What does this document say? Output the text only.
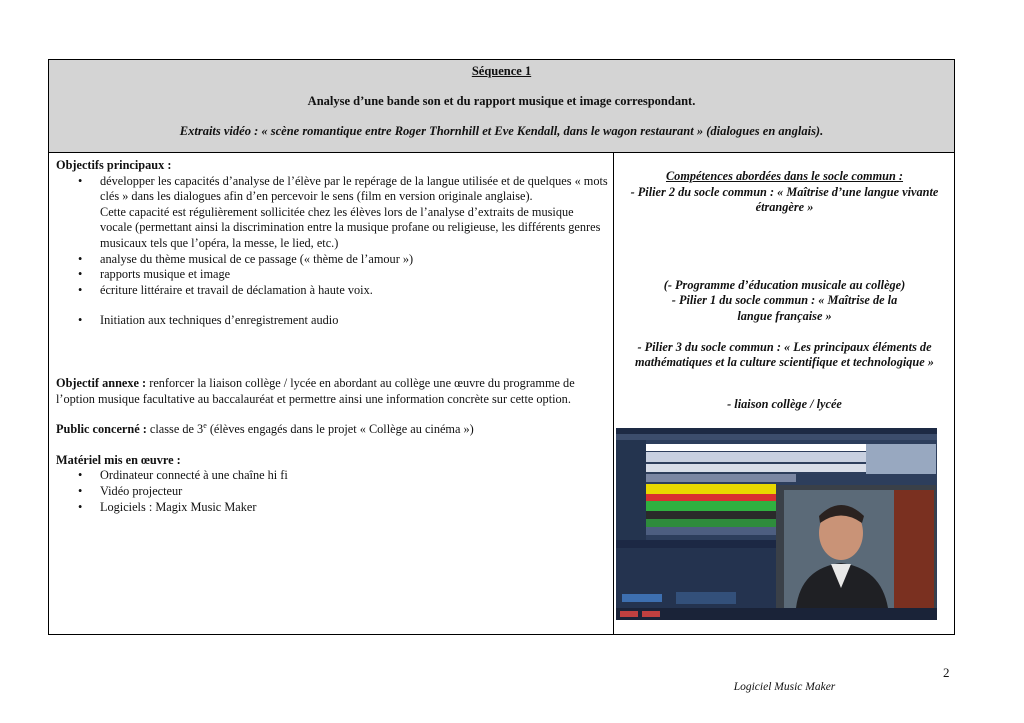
Séquence 1
Analyse d’une bande son et du rapport musique et image correspondant.
Extraits vidéo : « scène romantique entre Roger Thornhill et Eve Kendall, dans le wagon restaurant » (dialogues en anglais).

Objectifs principaux :

• développer les capacités d’analyse de l’élève par le repérage de la langue utilisée et de quelques « mots clés » dans les dialogues afin d’en percevoir le sens (film en version originale anglaise).

Cette capacité est régulièrement sollicitée chez les élèves lors de l’analyse d’extraits de musique vocale (permettant ainsi la discrimination entre la musique profane ou religieuse, les différents genres musicaux tels que l’opéra, la messe, le lied, etc.)

• analyse du thème musical de ce passage (« thème de l’amour »)
• rapports musique et image
• écriture littéraire et travail de déclamation à haute voix.

• Initiation aux techniques d’enregistrement audio

Objectif annexe : renforcer la liaison collège / lycée en abordant au collège une œuvre du programme de l’option musique facultative au baccalauréat et permettre ainsi une information concrète sur cette option.

Public concerné : classe de 3e (élèves engagés dans le projet « Collège au cinéma »)

Matériel mis en œuvre :

• Ordinateur connecté à une chaîne hi fi
• Vidéo projecteur
• Logiciels : Magix Music Maker

Compétences abordées dans le socle commun :

- Pilier 2 du socle commun : « Maîtrise d’une langue vivante étrangère »

(- Programme d’éducation musicale au collège)

- Pilier 1 du socle commun : « Maîtrise de la langue française »

- Pilier 3 du socle commun : « Les principaux éléments de mathématiques et la culture scientifique et technologique »

- liaison collège / lycée

Logiciel Music Maker
2
